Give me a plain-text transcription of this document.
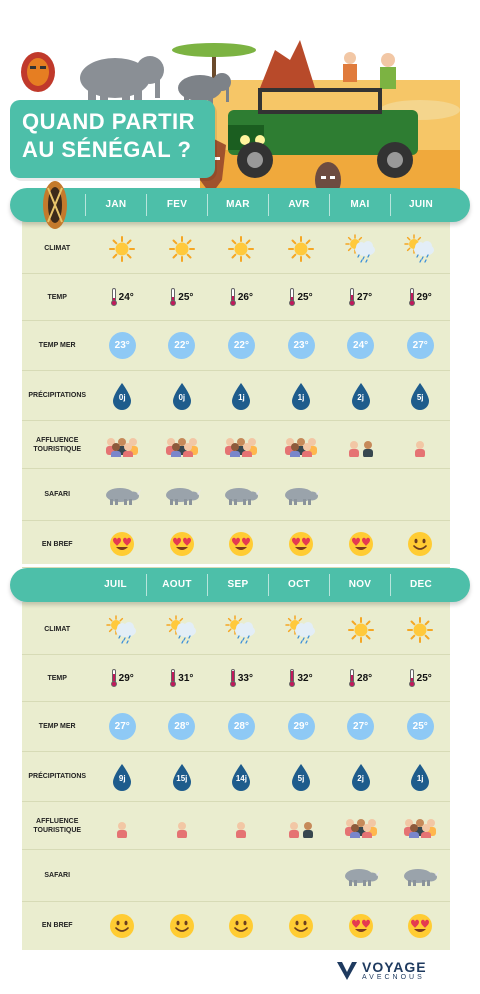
QUAND PARTIR
AU SÉNÉGAL ?
JAN	FEV	MAR	AVR	MAI	JUIN
JUIL	AOUT	SEP	OCT	NOV	DEC
CLIMAT
TEMP	24°	25°	26°	25°	27°	29°
TEMP MER	23°	22°	22°	23°	24°	27°
PRÉCIPITATIONS	0j	0j	1j	1j	2j	5j
AFFLUENCE TOURISTIQUE
SAFARI
EN BREF
CLIMAT
TEMP	29°	31°	33°	32°	28°	25°
TEMP MER	27°	28°	28°	29°	27°	25°
PRÉCIPITATIONS	9j	15j	14j	5j	2j	1j
AFFLUENCE TOURISTIQUE
SAFARI
EN BREF
VOYAGE
AVECNOUS
